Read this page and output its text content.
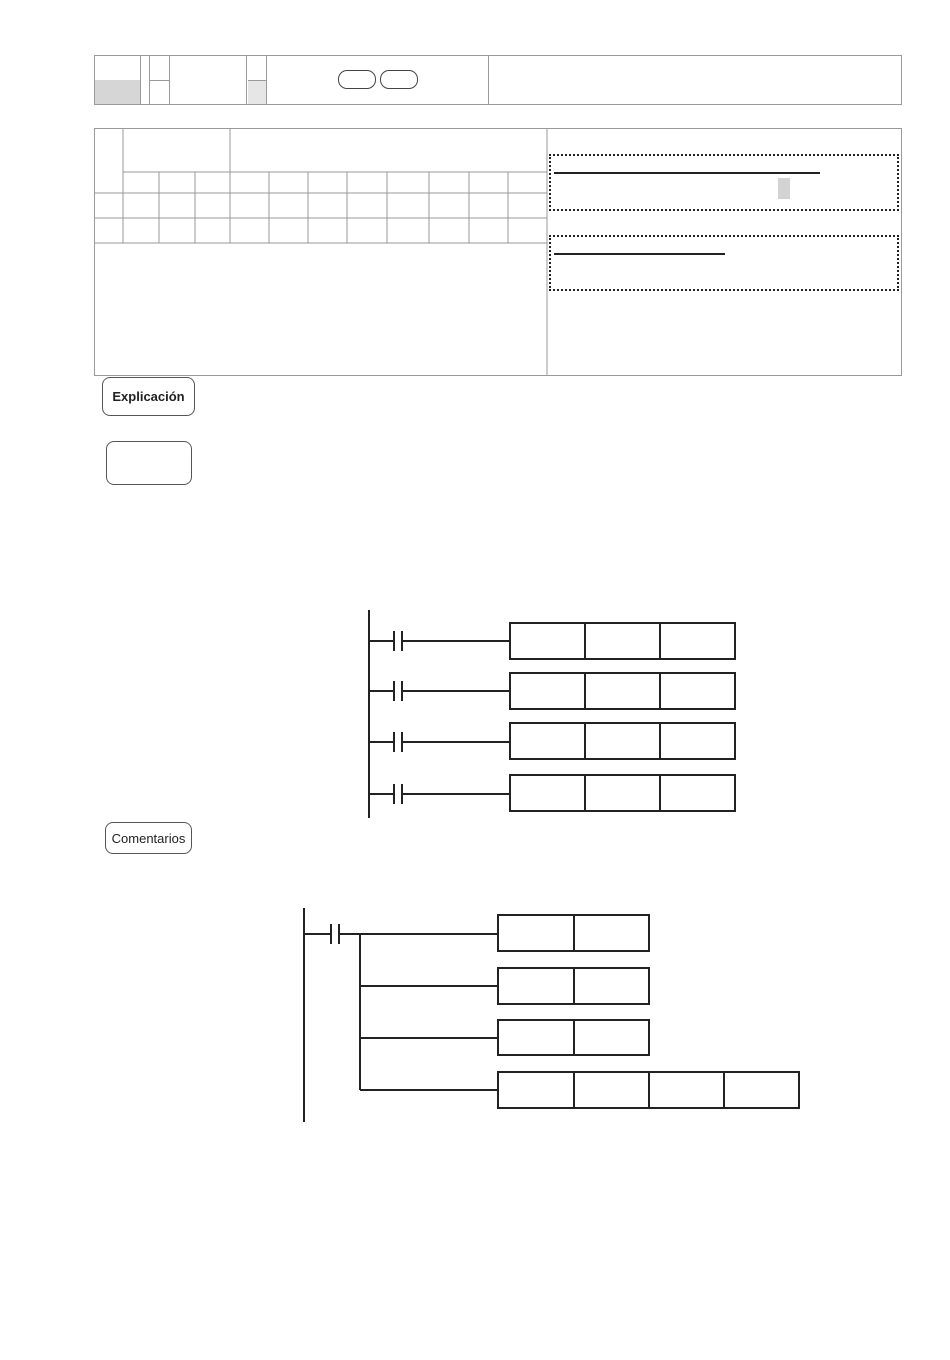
Explicación
Comentarios
